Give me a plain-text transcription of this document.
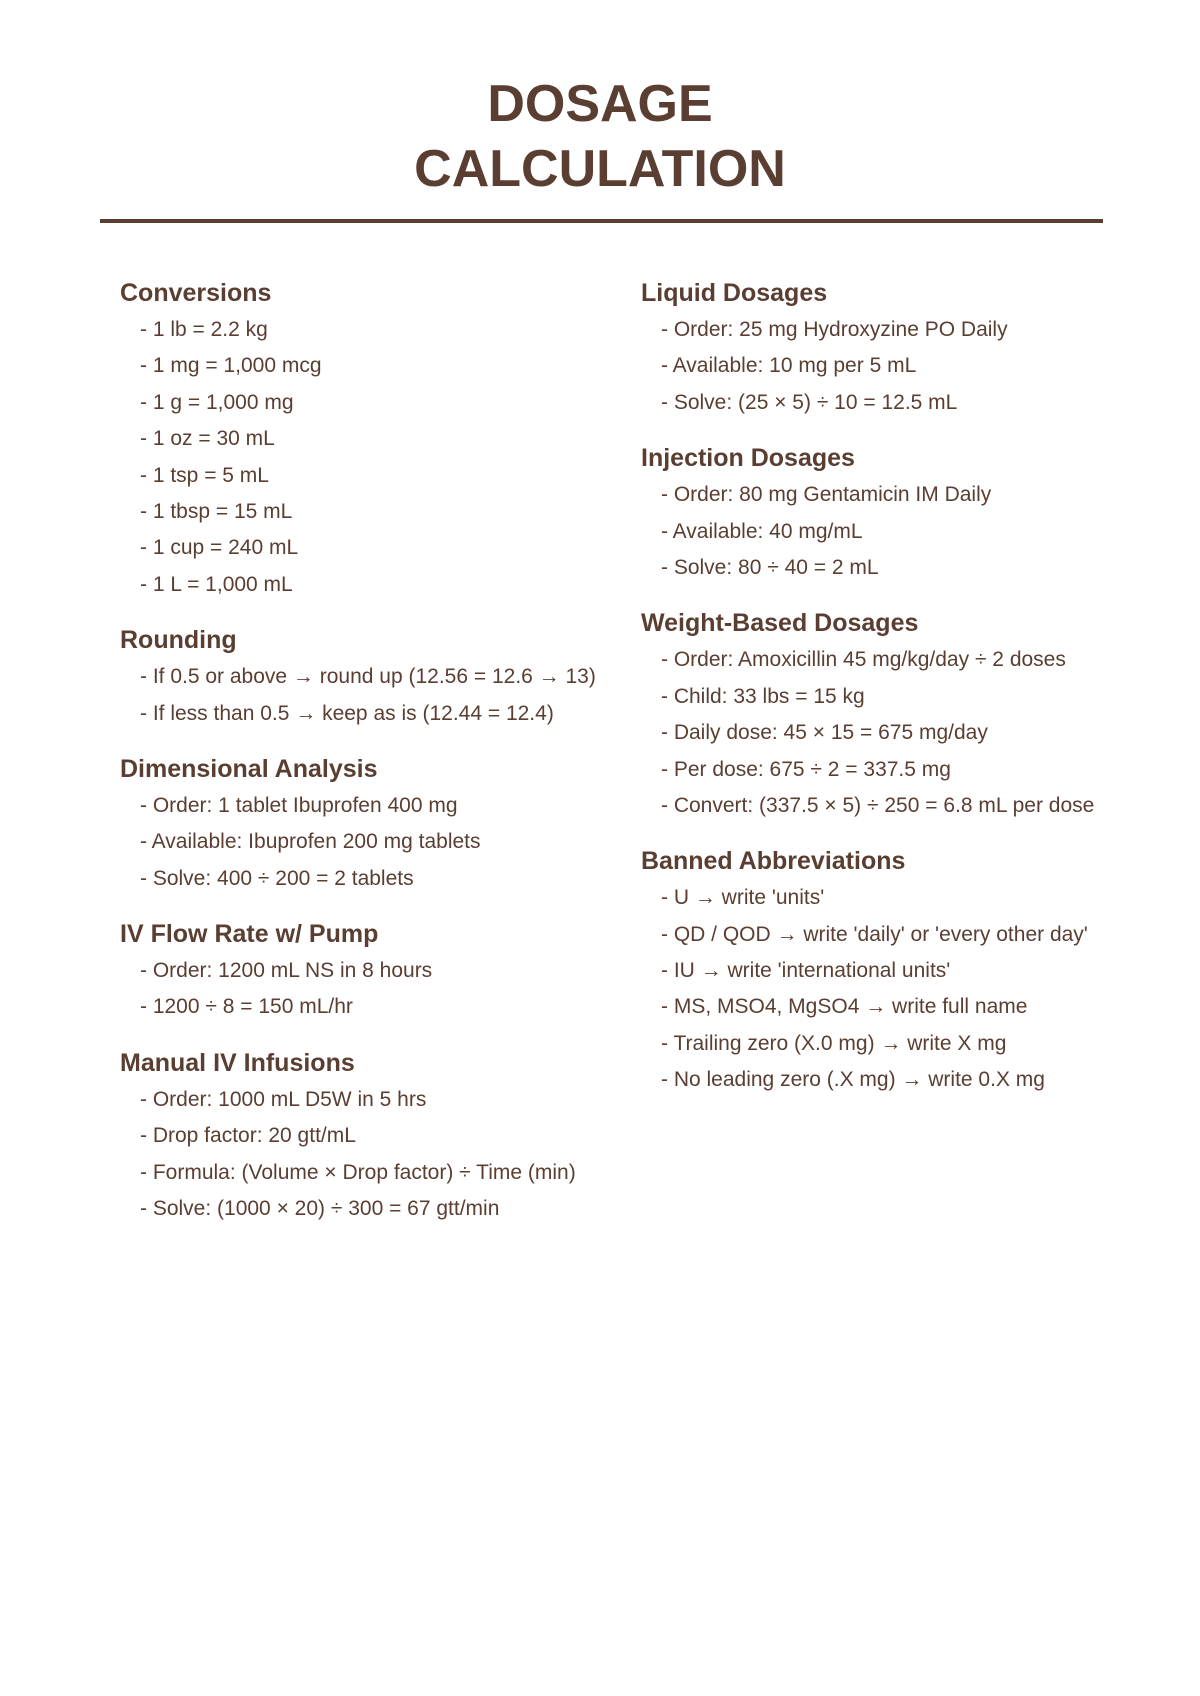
DOSAGE
CALCULATION
Conversions
- 1 lb = 2.2 kg
- 1 mg = 1,000 mcg
- 1 g = 1,000 mg
- 1 oz = 30 mL
- 1 tsp = 5 mL
- 1 tbsp = 15 mL
- 1 cup = 240 mL
- 1 L = 1,000 mL
Rounding
- If 0.5 or above → round up (12.56 = 12.6 → 13)
- If less than 0.5 → keep as is (12.44 = 12.4)
Dimensional Analysis
- Order: 1 tablet Ibuprofen 400 mg
- Available: Ibuprofen 200 mg tablets
- Solve: 400 ÷ 200 = 2 tablets
IV Flow Rate w/ Pump
- Order: 1200 mL NS in 8 hours
- 1200 ÷ 8 = 150 mL/hr
Manual IV Infusions
- Order: 1000 mL D5W in 5 hrs
- Drop factor: 20 gtt/mL
- Formula: (Volume × Drop factor) ÷ Time (min)
- Solve: (1000 × 20) ÷ 300 = 67 gtt/min
Liquid Dosages
- Order: 25 mg Hydroxyzine PO Daily
- Available: 10 mg per 5 mL
- Solve: (25 × 5) ÷ 10 = 12.5 mL
Injection Dosages
- Order: 80 mg Gentamicin IM Daily
- Available: 40 mg/mL
- Solve: 80 ÷ 40 = 2 mL
Weight-Based Dosages
- Order: Amoxicillin 45 mg/kg/day ÷ 2 doses
- Child: 33 lbs = 15 kg
- Daily dose: 45 × 15 = 675 mg/day
- Per dose: 675 ÷ 2 = 337.5 mg
- Convert: (337.5 × 5) ÷ 250 = 6.8 mL per dose
Banned Abbreviations
- U → write 'units'
- QD / QOD → write 'daily' or 'every other day'
- IU → write 'international units'
- MS, MSO4, MgSO4 → write full name
- Trailing zero (X.0 mg) → write X mg
- No leading zero (.X mg) → write 0.X mg
